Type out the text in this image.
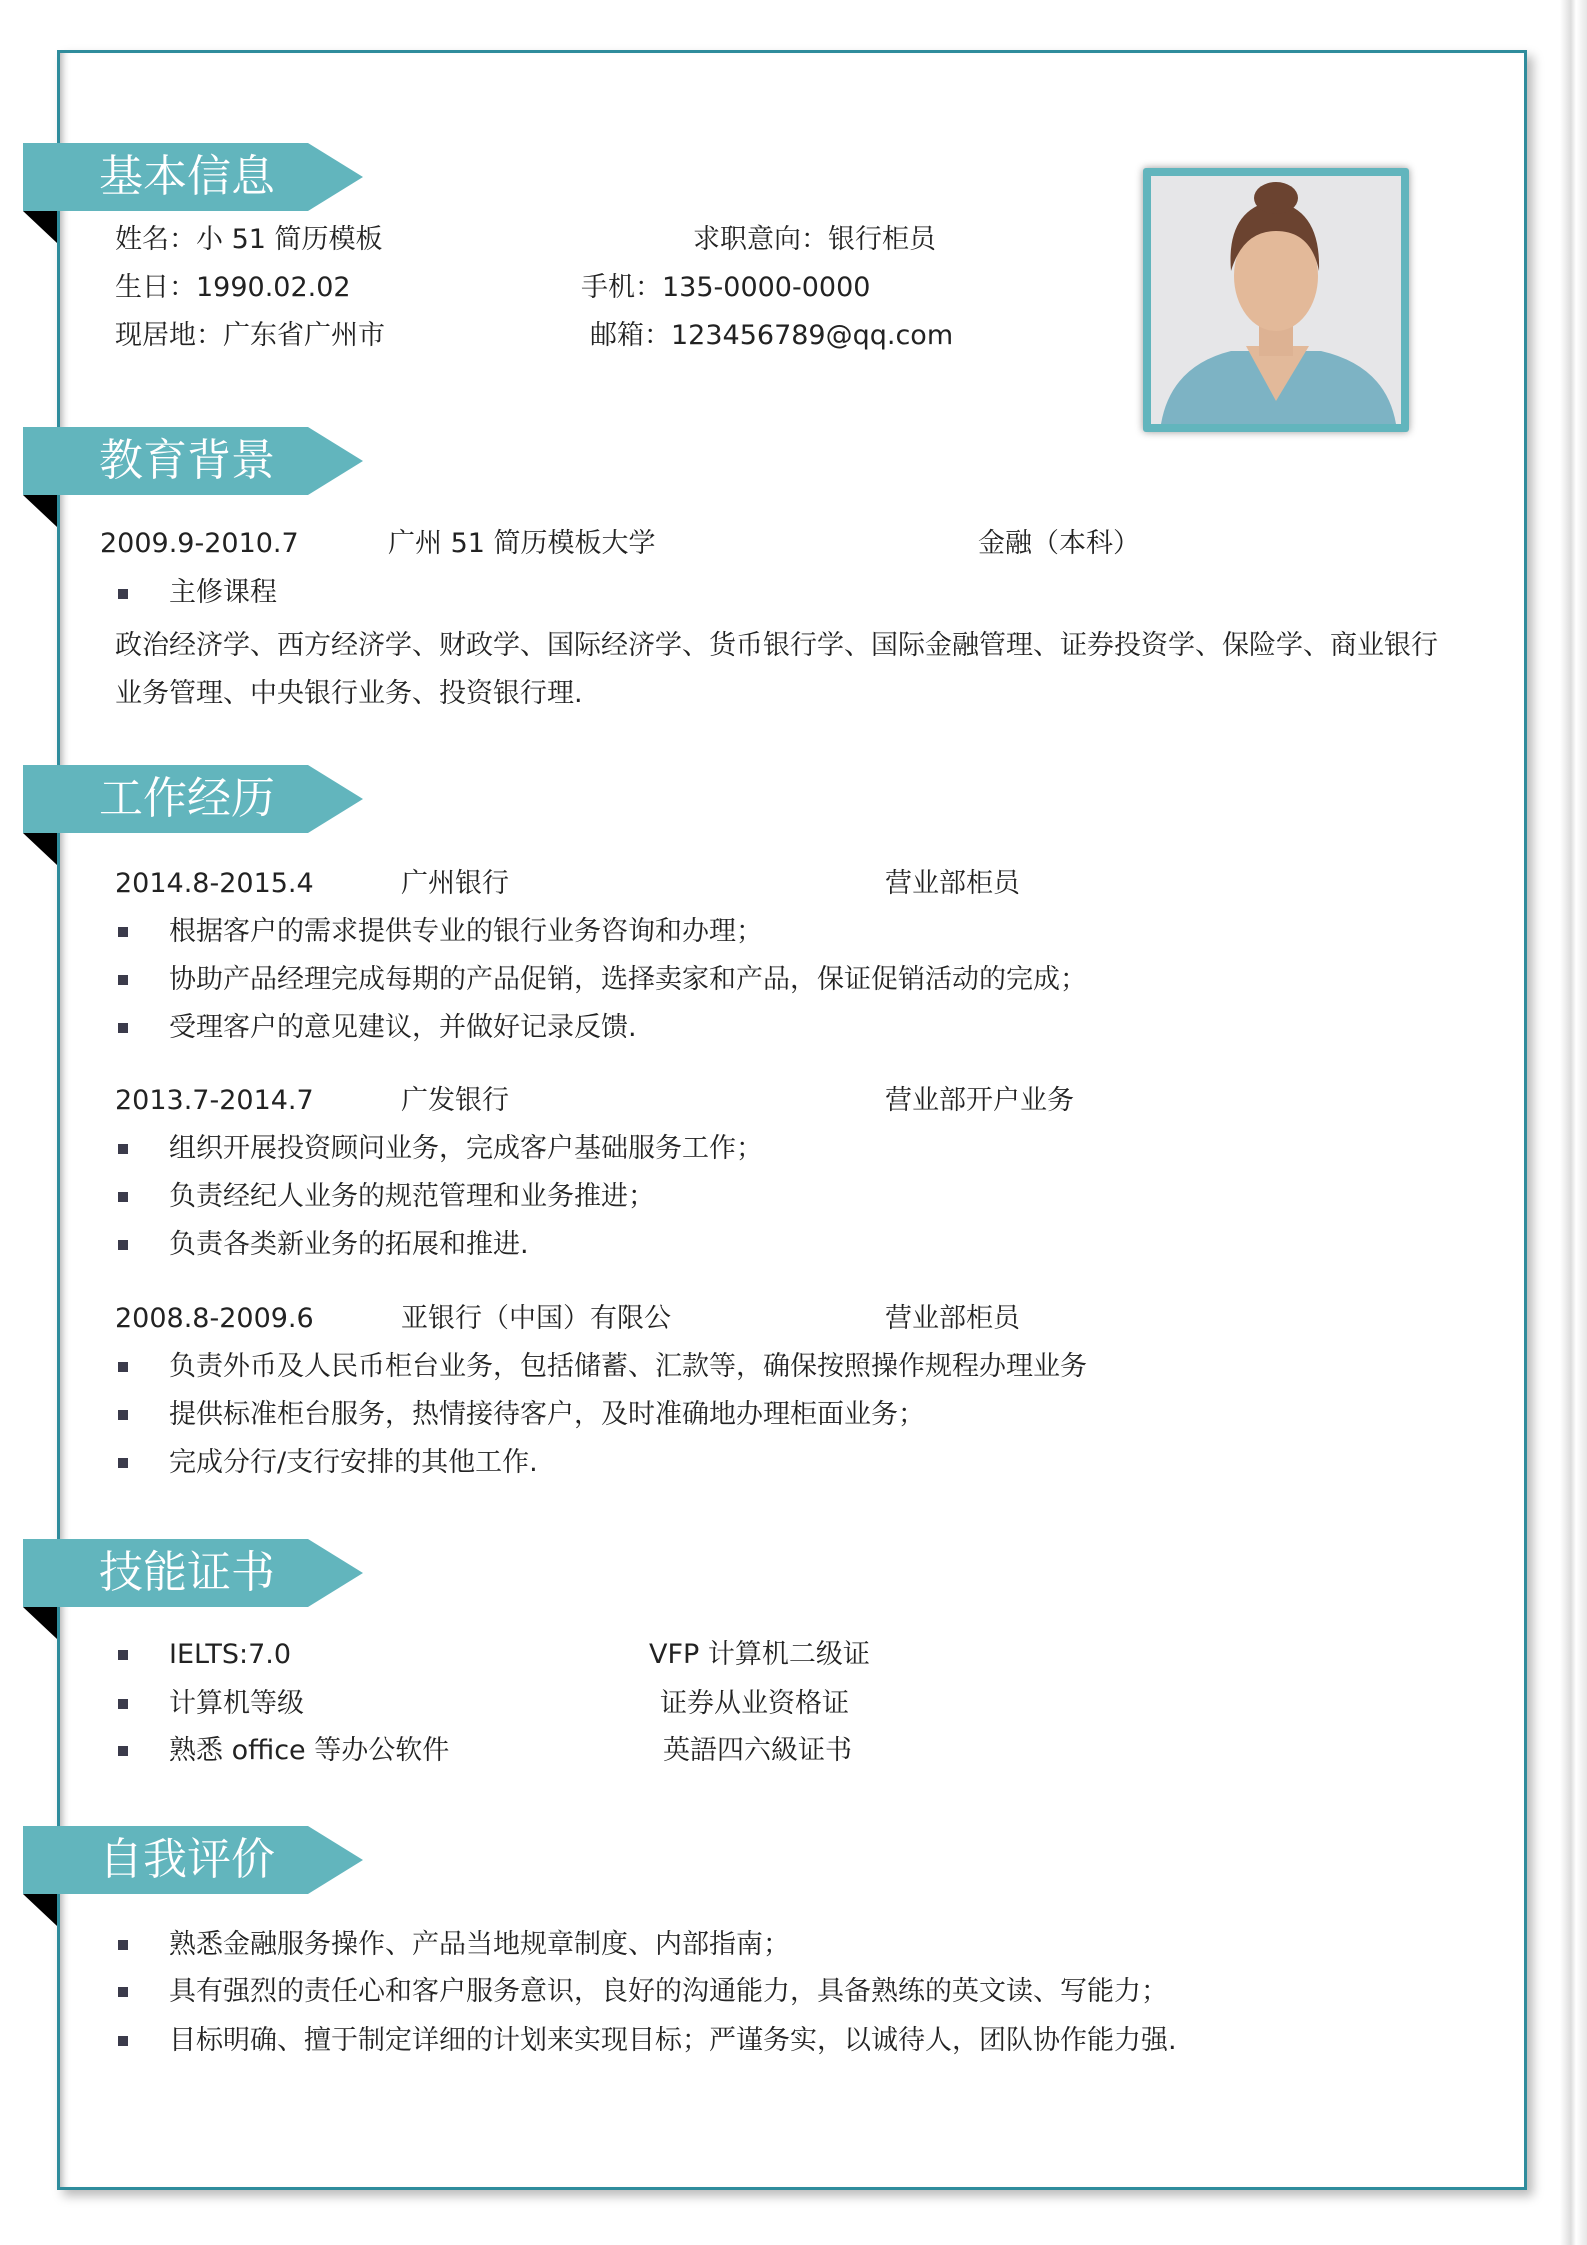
基本信息
姓名：小 51 简历模板	求职意向：银行柜员
生日：1990.02.02	手机：135-0000-0000
现居地：广东省广州市	邮箱：123456789@qq.com
教育背景
2009.9-2010.7	广州 51 简历模板大学	金融（本科）
主修课程
政治经济学、西方经济学、财政学、国际经济学、货币银行学、国际金融管理、证券投资学、保险学、商业银行业务管理、中央银行业务、投资银行理.
工作经历
技能证书
自我评价
2014.8-2015.4	广州银行	营业部柜员
根据客户的需求提供专业的银行业务咨询和办理；
协助产品经理完成每期的产品促销，选择卖家和产品，保证促销活动的完成；
受理客户的意见建议，并做好记录反馈.
2013.7-2014.7	广发银行	营业部开户业务
组织开展投资顾问业务，完成客户基础服务工作；
负责经纪人业务的规范管理和业务推进；
负责各类新业务的拓展和推进.
2008.8-2009.6	亚银行（中国）有限公	营业部柜员
负责外币及人民币柜台业务，包括储蓄、汇款等，确保按照操作规程办理业务
提供标准柜台服务，热情接待客户，及时准确地办理柜面业务；
完成分行/支行安排的其他工作.
IELTS:7.0	VFP 计算机二级证
计算机等级	证券从业资格证
熟悉 office 等办公软件	英語四六級证书
熟悉金融服务操作、产品当地规章制度、内部指南；
具有强烈的责任心和客户服务意识，良好的沟通能力，具备熟练的英文读、写能力；
目标明确、擅于制定详细的计划来实现目标；严谨务实，以诚待人，团队协作能力强.
